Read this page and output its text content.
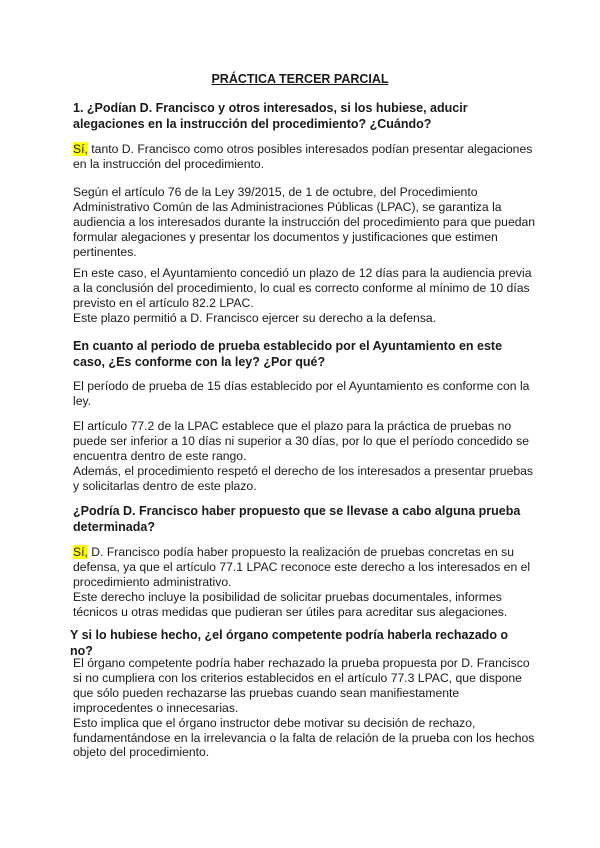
PRÁCTICA TERCER PARCIAL
1. ¿Podían D. Francisco y otros interesados, si los hubiese, aducir alegaciones en la instrucción del procedimiento? ¿Cuándo?

Sí, tanto D. Francisco como otros posibles interesados podían presentar alegaciones en la instrucción del procedimiento.

Según el artículo 76 de la Ley 39/2015, de 1 de octubre, del Procedimiento Administrativo Común de las Administraciones Públicas (LPAC), se garantiza la audiencia a los interesados durante la instrucción del procedimiento para que puedan formular alegaciones y presentar los documentos y justificaciones que estimen pertinentes.

En este caso, el Ayuntamiento concedió un plazo de 12 días para la audiencia previa a la conclusión del procedimiento, lo cual es correcto conforme al mínimo de 10 días previsto en el artículo 82.2 LPAC.

Este plazo permitió a D. Francisco ejercer su derecho a la defensa.

En cuanto al periodo de prueba establecido por el Ayuntamiento en este caso, ¿Es conforme con la ley? ¿Por qué?
El período de prueba de 15 días establecido por el Ayuntamiento es conforme con la ley.

El artículo 77.2 de la LPAC establece que el plazo para la práctica de pruebas no puede ser inferior a 10 días ni superior a 30 días, por lo que el período concedido se encuentra dentro de este rango.

Además, el procedimiento respetó el derecho de los interesados a presentar pruebas y solicitarlas dentro de este plazo.

¿Podría D. Francisco haber propuesto que se llevase a cabo alguna prueba determinada?

Sí, D. Francisco podía haber propuesto la realización de pruebas concretas en su defensa, ya que el artículo 77.1 LPAC reconoce este derecho a los interesados en el procedimiento administrativo.

Este derecho incluye la posibilidad de solicitar pruebas documentales, informes técnicos u otras medidas que pudieran ser útiles para acreditar sus alegaciones.

Y si lo hubiese hecho, ¿el órgano competente podría haberla rechazado o no?

El órgano competente podría haber rechazado la prueba propuesta por D. Francisco si no cumpliera con los criterios establecidos en el artículo 77.3 LPAC, que dispone que sólo pueden rechazarse las pruebas cuando sean manifiestamente improcedentes o innecesarias.

Esto implica que el órgano instructor debe motivar su decisión de rechazo, fundamentándose en la irrelevancia o la falta de relación de la prueba con los hechos objeto del procedimiento.
